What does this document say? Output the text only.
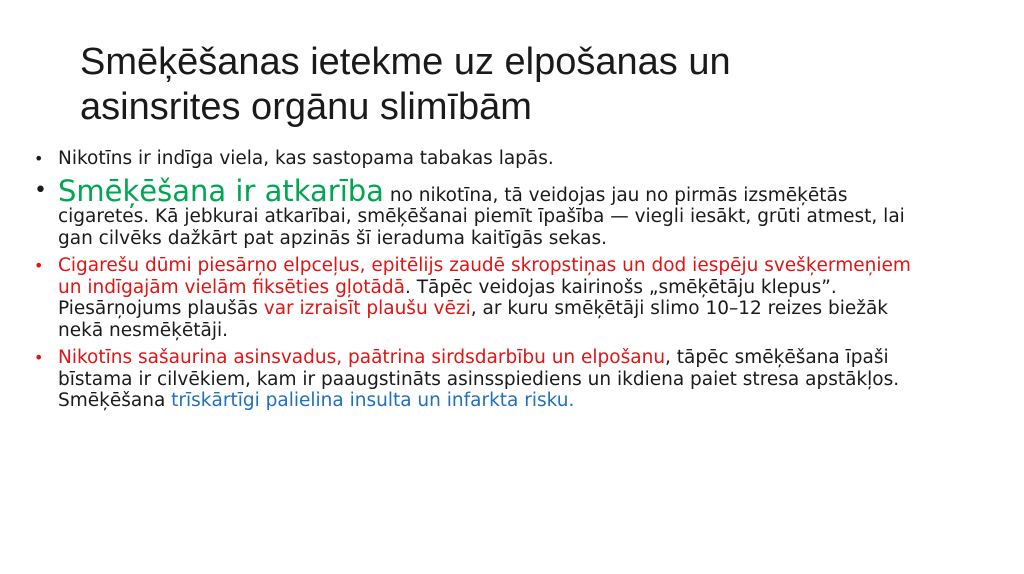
Smēķēšanas ietekme uz elpošanas un
asinsrites orgānu slimībām
• Nikotīns ir indīga viela, kas sastopama tabakas lapās.
• Smēķēšana ir atkarība no nikotīna, tā veidojas jau no pirmās izsmēķētās cigaretes. Kā jebkurai atkarībai, smēķēšanai piemīt īpašība — viegli iesākt, grūti atmest, lai gan cilvēks dažkārt pat apzinās šī ieraduma kaitīgās sekas.
• Cigarešu dūmi piesārņo elpceļus, epitēlijs zaudē skropstiņas un dod iespēju svešķermeņiem un indīgajām vielām fiksēties gļotādā. Tāpēc veidojas kairinošs „smēķētāju klepus”. Piesārņojums plaušās var izraisīt plaušu vēzi, ar kuru smēķētāji slimo 10–12 reizes biežāk nekā nesmēķētāji.
• Nikotīns sašaurina asinsvadus, paātrina sirdsdarbību un elpošanu, tāpēc smēķēšana īpaši bīstama ir cilvēkiem, kam ir paaugstināts asinsspiediens un ikdiena paiet stresa apstākļos. Smēķēšana trīskārtīgi palielina insulta un infarkta risku.
